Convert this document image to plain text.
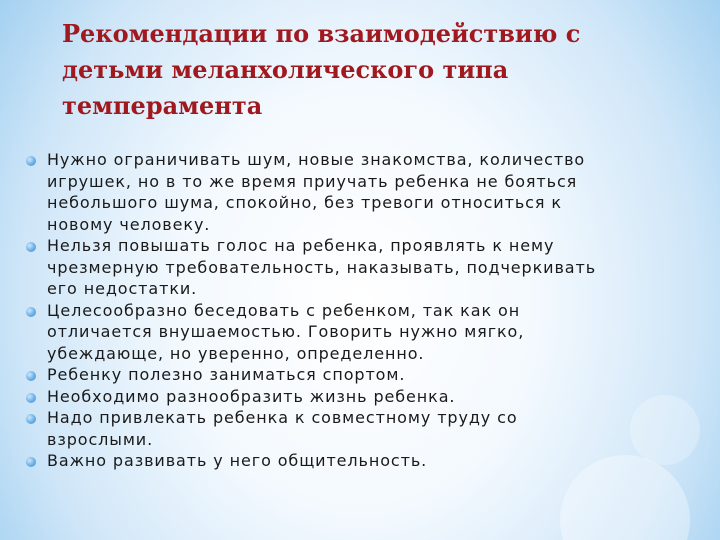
Рекомендации по взаимодействию с
детьми меланхолического типа
темперамента
Нужно ограничивать шум, новые знакомства, количество
игрушек, но в то же время приучать ребенка не бояться
небольшого шума, спокойно, без тревоги относиться к
новому человеку.
Нельзя повышать голос на ребенка, проявлять к нему
чрезмерную требовательность, наказывать, подчеркивать
его недостатки.
Целесообразно беседовать с ребенком, так как он
отличается внушаемостью. Говорить нужно мягко,
убеждающе, но уверенно, определенно.
Ребенку полезно заниматься спортом.
Необходимо разнообразить жизнь ребенка.
Надо привлекать ребенка к совместному труду со
взрослыми.
Важно развивать у него общительность.
